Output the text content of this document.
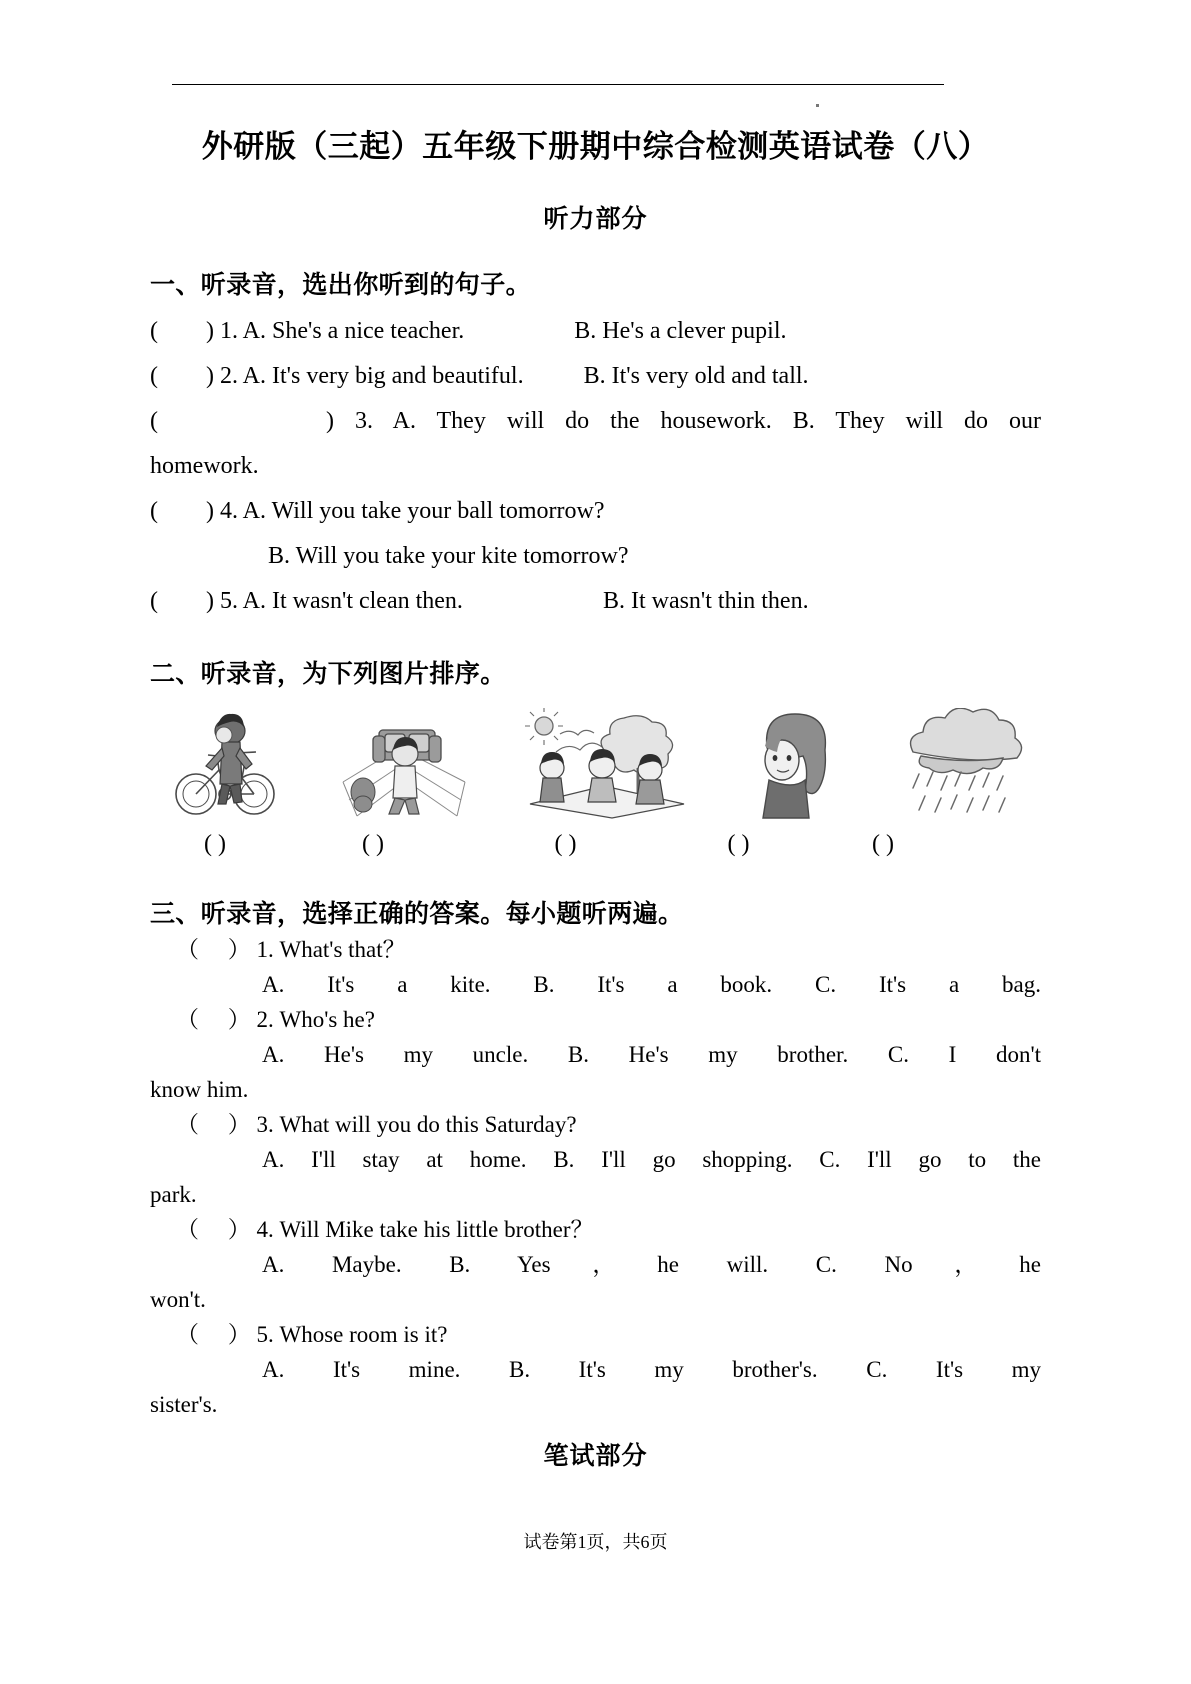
外研版（三起）五年级下册期中综合检测英语试卷（八）
听力部分
一、听录音，选出你听到的句子。

(        ) 1. A. She's a nice teacher.	B. He's a clever pupil.

(        ) 2. A. It's very big and beautiful.	B. It's very old and tall.

(        ) 3. A. They will do the housework. B. They will do our

homework.

(        ) 4. A. Will you take your ball tomorrow?

B. Will you take your kite tomorrow?

(        ) 5. A. It wasn't clean then.	B. It wasn't thin then.

二、听录音，为下列图片排序。
( )	( )	( )	( )	( )
三、听录音，选择正确的答案。每小题听两遍。

（     ） 1. What's that？

A. It's a kite. B. It's a book. C. It's a bag.

（     ） 2. Who's he?

A. He's my uncle. B. He's my brother. C. I don't

know him.

（     ） 3. What will you do this Saturday?

A. I'll stay at home. B. I'll go shopping. C. I'll go to the

park.

（     ） 4. Will Mike take his little brother？

A. Maybe. B. Yes，he will. C. No，he

won't.

（     ） 5. Whose room is it?

A. It's mine. B. It's my brother's. C. It's my

sister's.

笔试部分
试卷第1页，共6页
